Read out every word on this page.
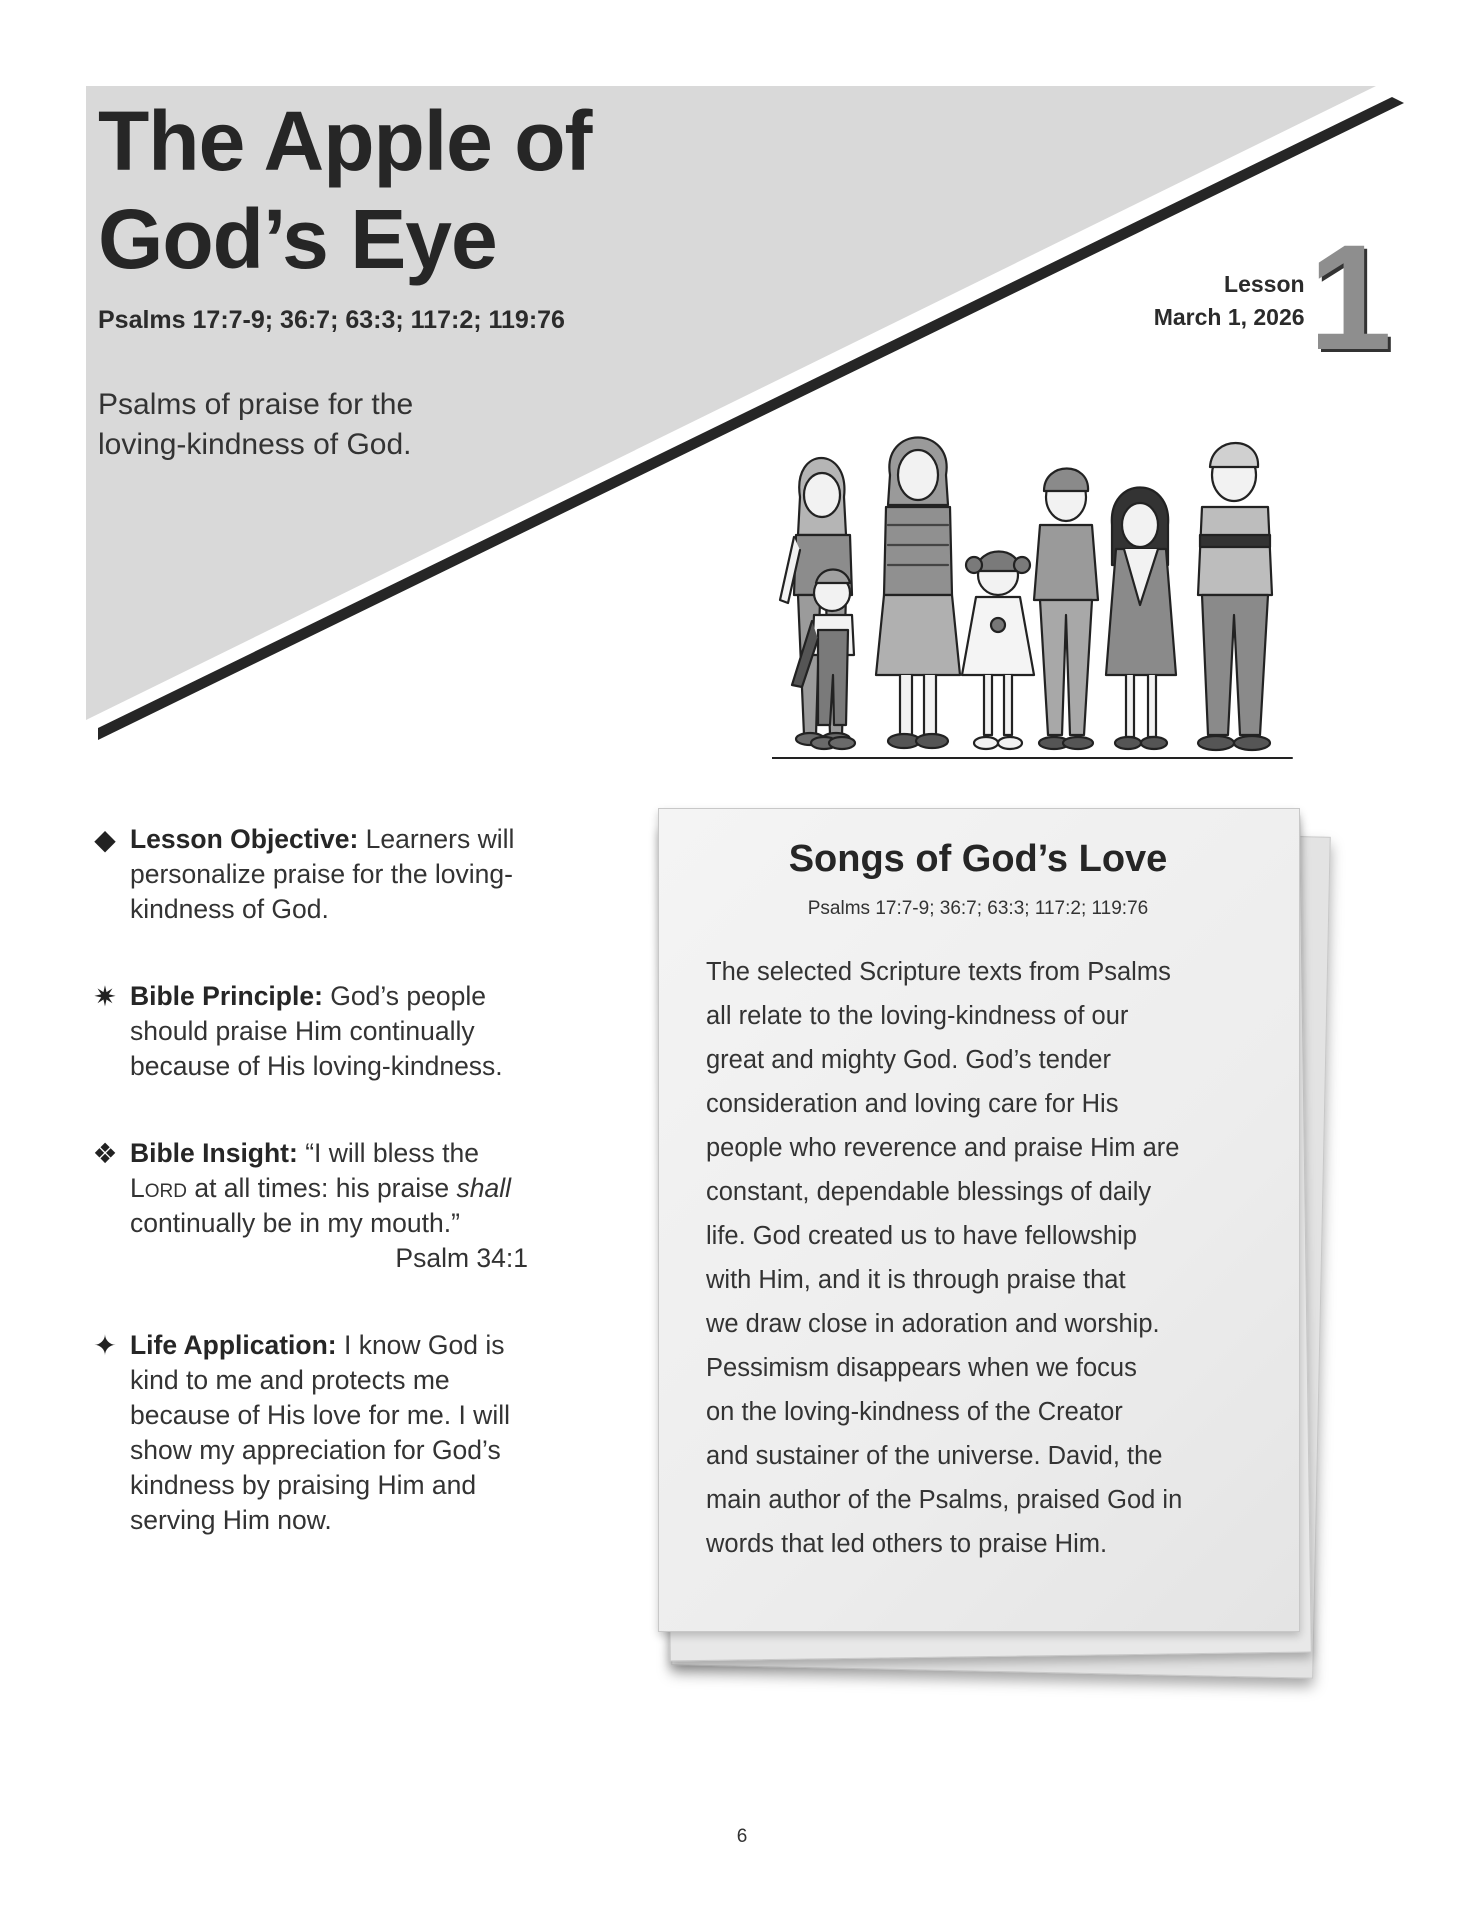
The Apple of
God’s Eye
Psalms 17:7-9; 36:7; 63:3; 117:2; 119:76
Psalms of praise for the
loving-kindness of God.
Lesson
March 1, 2026 1
◆ Lesson Objective: Learners will personalize praise for the loving-kindness of God.
✷ Bible Principle: God’s people should praise Him continually because of His loving-kindness.
❖ Bible Insight: “I will bless the Lord at all times: his praise shall continually be in my mouth.”
Psalm 34:1
✦ Life Application: I know God is kind to me and protects me because of His love for me. I will show my appreciation for God’s kindness by praising Him and serving Him now.
Songs of God’s Love
Psalms 17:7-9; 36:7; 63:3; 117:2; 119:76

The selected Scripture texts from Psalms
all relate to the loving-kindness of our
great and mighty God. God’s tender
consideration and loving care for His
people who reverence and praise Him are
constant, dependable blessings of daily
life. God created us to have fellowship
with Him, and it is through praise that
we draw close in adoration and worship.
Pessimism disappears when we focus
on the loving-kindness of the Creator
and sustainer of the universe. David, the
main author of the Psalms, praised God in
words that led others to praise Him.

6
